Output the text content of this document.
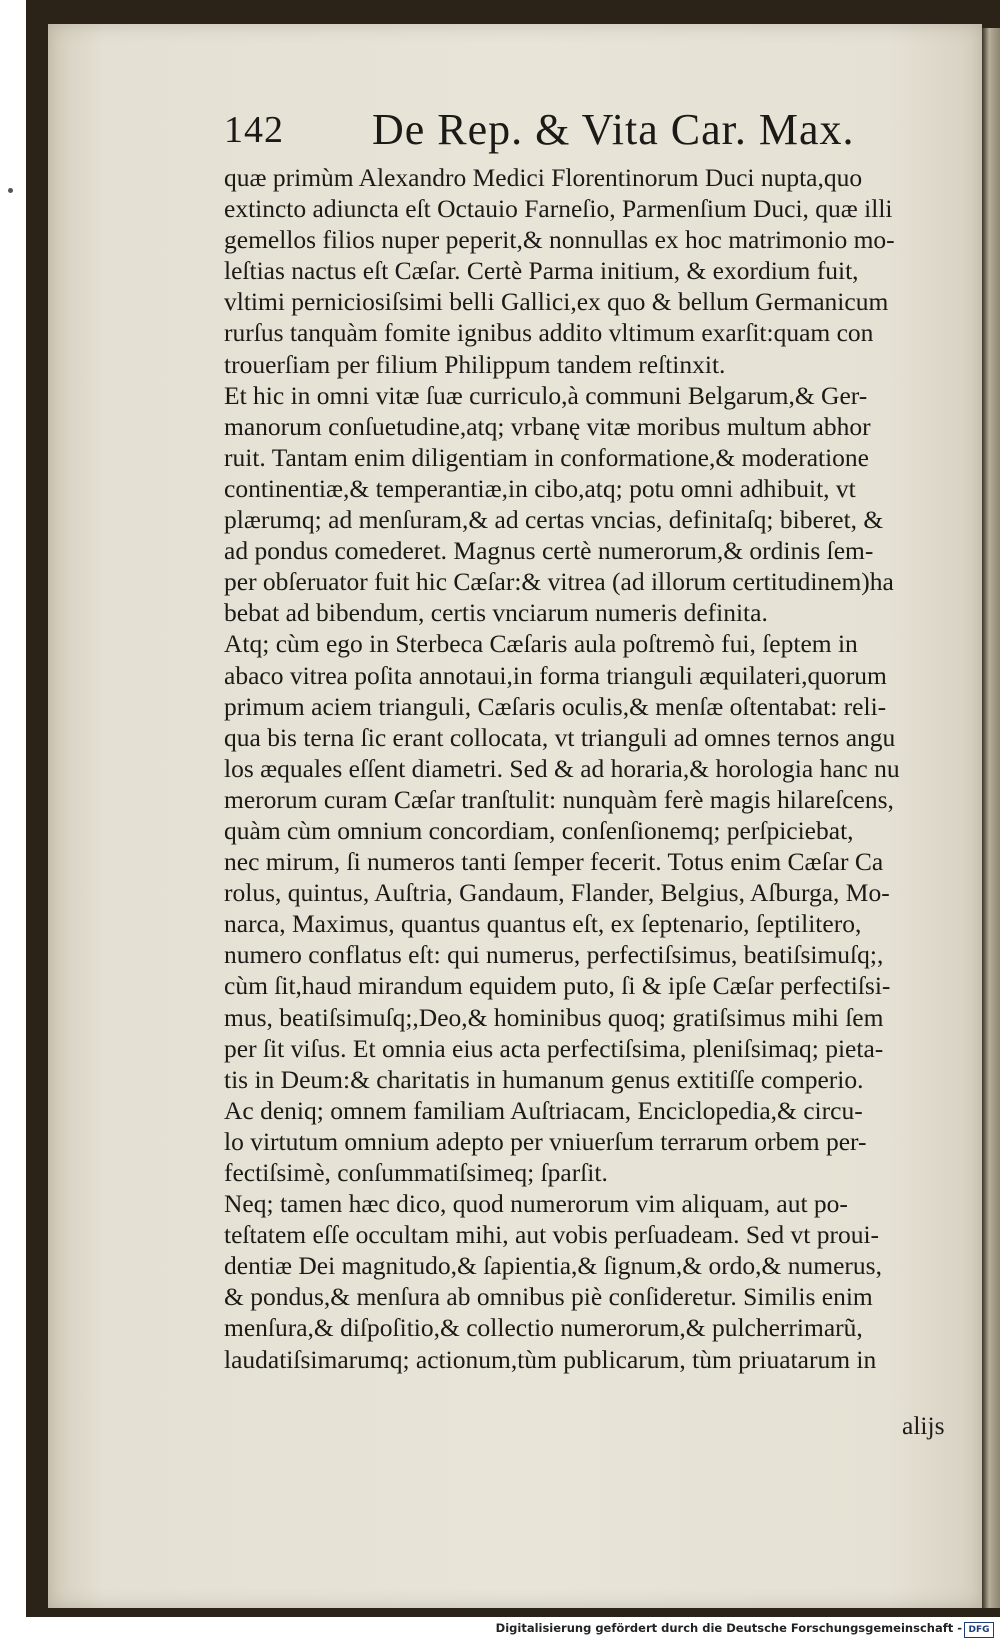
142 De Rep. & Vita Car. Max.
quæ primùm Alexandro Medici Florentinorum Duci nupta,quo
extincto adiuncta eſt Octauio Farneſio, Parmenſium Duci, quæ illi
gemellos filios nuper peperit,& nonnullas ex hoc matrimonio mo-
leſtias nactus eſt Cæſar. Certè Parma initium, & exordium fuit,
vltimi perniciosiſsimi belli Gallici,ex quo & bellum Germanicum
rurſus tanquàm fomite ignibus addito vltimum exarſit:quam con
trouerſiam per filium Philippum tandem reſtinxit.
Et hic in omni vitæ ſuæ curriculo,à communi Belgarum,& Ger-
manorum conſuetudine,atq; vrbanę vitæ moribus multum abhor
ruit. Tantam enim diligentiam in conformatione,& moderatione
continentiæ,& temperantiæ,in cibo,atq; potu omni adhibuit, vt
plærumq; ad menſuram,& ad certas vncias, definitaſq; biberet, &
ad pondus comederet. Magnus certè numerorum,& ordinis ſem-
per obſeruator fuit hic Cæſar:& vitrea (ad illorum certitudinem)ha
bebat ad bibendum, certis vnciarum numeris definita.
Atq; cùm ego in Sterbeca Cæſaris aula poſtremò fui, ſeptem in
abaco vitrea poſita annotaui,in forma trianguli æquilateri,quorum
primum aciem trianguli, Cæſaris oculis,& menſæ oſtentabat: reli-
qua bis terna ſic erant collocata, vt trianguli ad omnes ternos angu
los æquales eſſent diametri. Sed & ad horaria,& horologia hanc nu
merorum curam Cæſar tranſtulit: nunquàm ferè magis hilareſcens,
quàm cùm omnium concordiam, conſenſionemq; perſpiciebat,
nec mirum, ſi numeros tanti ſemper fecerit. Totus enim Cæſar Ca
rolus, quintus, Auſtria, Gandaum, Flander, Belgius, Aſburga, Mo-
narca, Maximus, quantus quantus eſt, ex ſeptenario, ſeptilitero,
numero conflatus eſt: qui numerus, perfectiſsimus, beatiſsimuſq;,
cùm ſit,haud mirandum equidem puto, ſi & ipſe Cæſar perfectiſsi-
mus, beatiſsimuſq;,Deo,& hominibus quoq; gratiſsimus mihi ſem
per ſit viſus. Et omnia eius acta perfectiſsima, pleniſsimaq; pieta-
tis in Deum:& charitatis in humanum genus extitiſſe comperio.
Ac deniq; omnem familiam Auſtriacam, Enciclopedia,& circu-
lo virtutum omnium adepto per vniuerſum terrarum orbem per-
fectiſsimè, conſummatiſsimeq; ſparſit.
Neq; tamen hæc dico, quod numerorum vim aliquam, aut po-
teſtatem eſſe occultam mihi, aut vobis perſuadeam. Sed vt proui-
dentiæ Dei magnitudo,& ſapientia,& ſignum,& ordo,& numerus,
& pondus,& menſura ab omnibus piè conſideretur. Similis enim
menſura,& diſpoſitio,& collectio numerorum,& pulcherrimarũ,
laudatiſsimarumq; actionum,tùm publicarum, tùm priuatarum in
alijs
Digitalisierung gefördert durch die Deutsche Forschungsgemeinschaft - DFG
